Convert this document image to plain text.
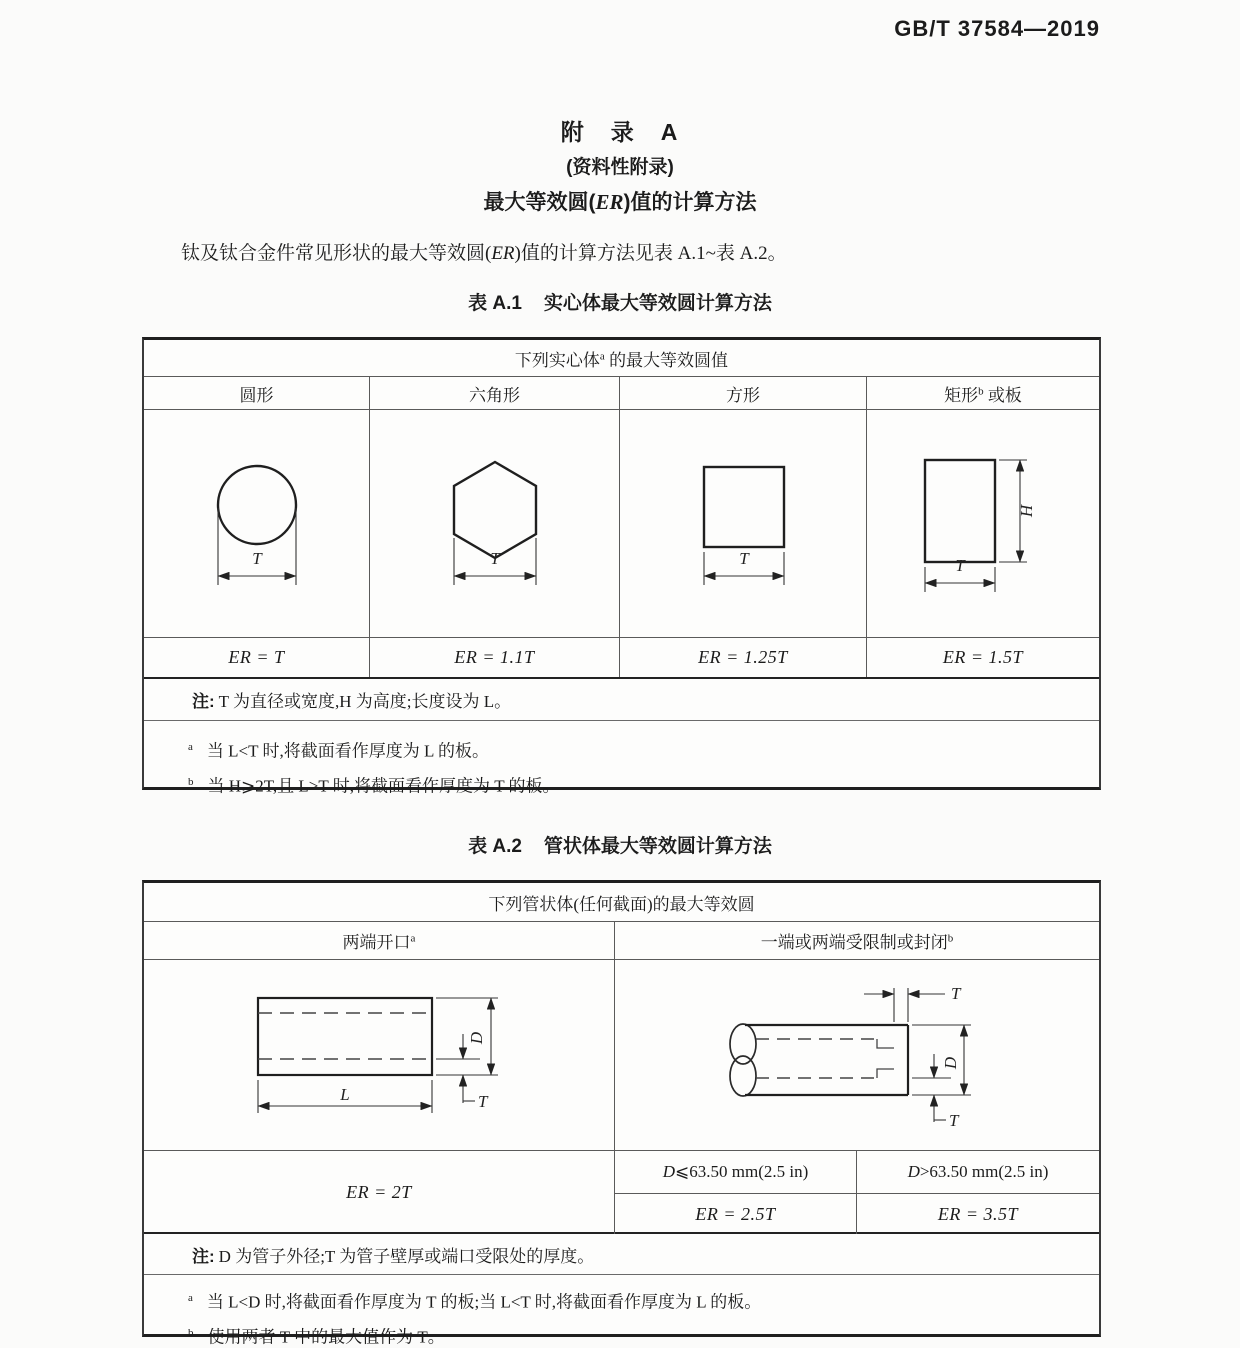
GB/T 37584—2019
附　录　A
(资料性附录)
最大等效圆(ER)值的计算方法
钛及钛合金件常见形状的最大等效圆(ER)值的计算方法见表 A.1~表 A.2。
表 A.1 实心体最大等效圆计算方法
下列实心体$^a$ 的最大等效圆值
圆形	六角形	方形	矩形$^b$ 或板
T	T	T	T
H
ER = T	ER = 1.1T	ER = 1.25T	ER = 1.5T
注: T 为直径或宽度,H 为高度;长度设为 L。
$^a$ 当 L<T 时,将截面看作厚度为 L 的板。
$^b$ 当 H⩾2T,且 L>T 时,将截面看作厚度为 T 的板。
表 A.2 管状体最大等效圆计算方法
下列管状体(任何截面)的最大等效圆
两端开口$^a$	一端或两端受限制或封闭$^b$
L
D
T
T
D
T
ER = 2T
D⩽63.50 mm(2.5 in)	D>63.50 mm(2.5 in)
ER = 2.5T	ER = 3.5T
注: D 为管子外径;T 为管子壁厚或端口受限处的厚度。
$^a$ 当 L<D 时,将截面看作厚度为 T 的板;当 L<T 时,将截面看作厚度为 L 的板。
$^b$ 使用两者 T 中的最大值作为 T。
